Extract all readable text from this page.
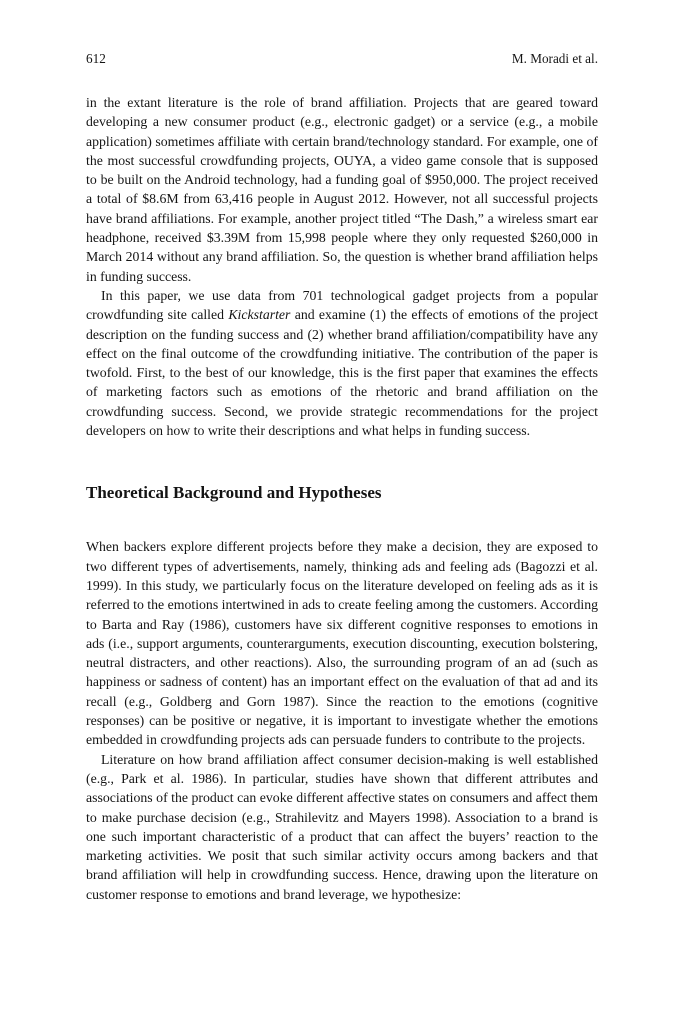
612	M. Moradi et al.

in the extant literature is the role of brand affiliation. Projects that are geared toward developing a new consumer product (e.g., electronic gadget) or a service (e.g., a mobile application) sometimes affiliate with certain brand/technology standard. For example, one of the most successful crowdfunding projects, OUYA, a video game console that is supposed to be built on the Android technology, had a funding goal of $950,000. The project received a total of $8.6M from 63,416 people in August 2012. However, not all successful projects have brand affiliations. For example, another project titled “The Dash,” a wireless smart ear headphone, received $3.39M from 15,998 people where they only requested $260,000 in March 2014 without any brand affiliation. So, the question is whether brand affiliation helps in funding success.

In this paper, we use data from 701 technological gadget projects from a popular crowdfunding site called Kickstarter and examine (1) the effects of emotions of the project description on the funding success and (2) whether brand affiliation/compatibility have any effect on the final outcome of the crowdfunding initiative. The contribution of the paper is twofold. First, to the best of our knowledge, this is the first paper that examines the effects of marketing factors such as emotions of the rhetoric and brand affiliation on the crowdfunding success. Second, we provide strategic recommendations for the project developers on how to write their descriptions and what helps in funding success.

Theoretical Background and Hypotheses

When backers explore different projects before they make a decision, they are exposed to two different types of advertisements, namely, thinking ads and feeling ads (Bagozzi et al. 1999). In this study, we particularly focus on the literature developed on feeling ads as it is referred to the emotions intertwined in ads to create feeling among the customers. According to Barta and Ray (1986), customers have six different cognitive responses to emotions in ads (i.e., support arguments, counterarguments, execution discounting, execution bolstering, neutral distracters, and other reactions). Also, the surrounding program of an ad (such as happiness or sadness of content) has an important effect on the evaluation of that ad and its recall (e.g., Goldberg and Gorn 1987). Since the reaction to the emotions (cognitive responses) can be positive or negative, it is important to investigate whether the emotions embedded in crowdfunding projects ads can persuade funders to contribute to the projects.

Literature on how brand affiliation affect consumer decision-making is well established (e.g., Park et al. 1986). In particular, studies have shown that different attributes and associations of the product can evoke different affective states on consumers and affect them to make purchase decision (e.g., Strahilevitz and Mayers 1998). Association to a brand is one such important characteristic of a product that can affect the buyers’ reaction to the marketing activities. We posit that such similar activity occurs among backers and that brand affiliation will help in crowdfunding success. Hence, drawing upon the literature on customer response to emotions and brand leverage, we hypothesize:
